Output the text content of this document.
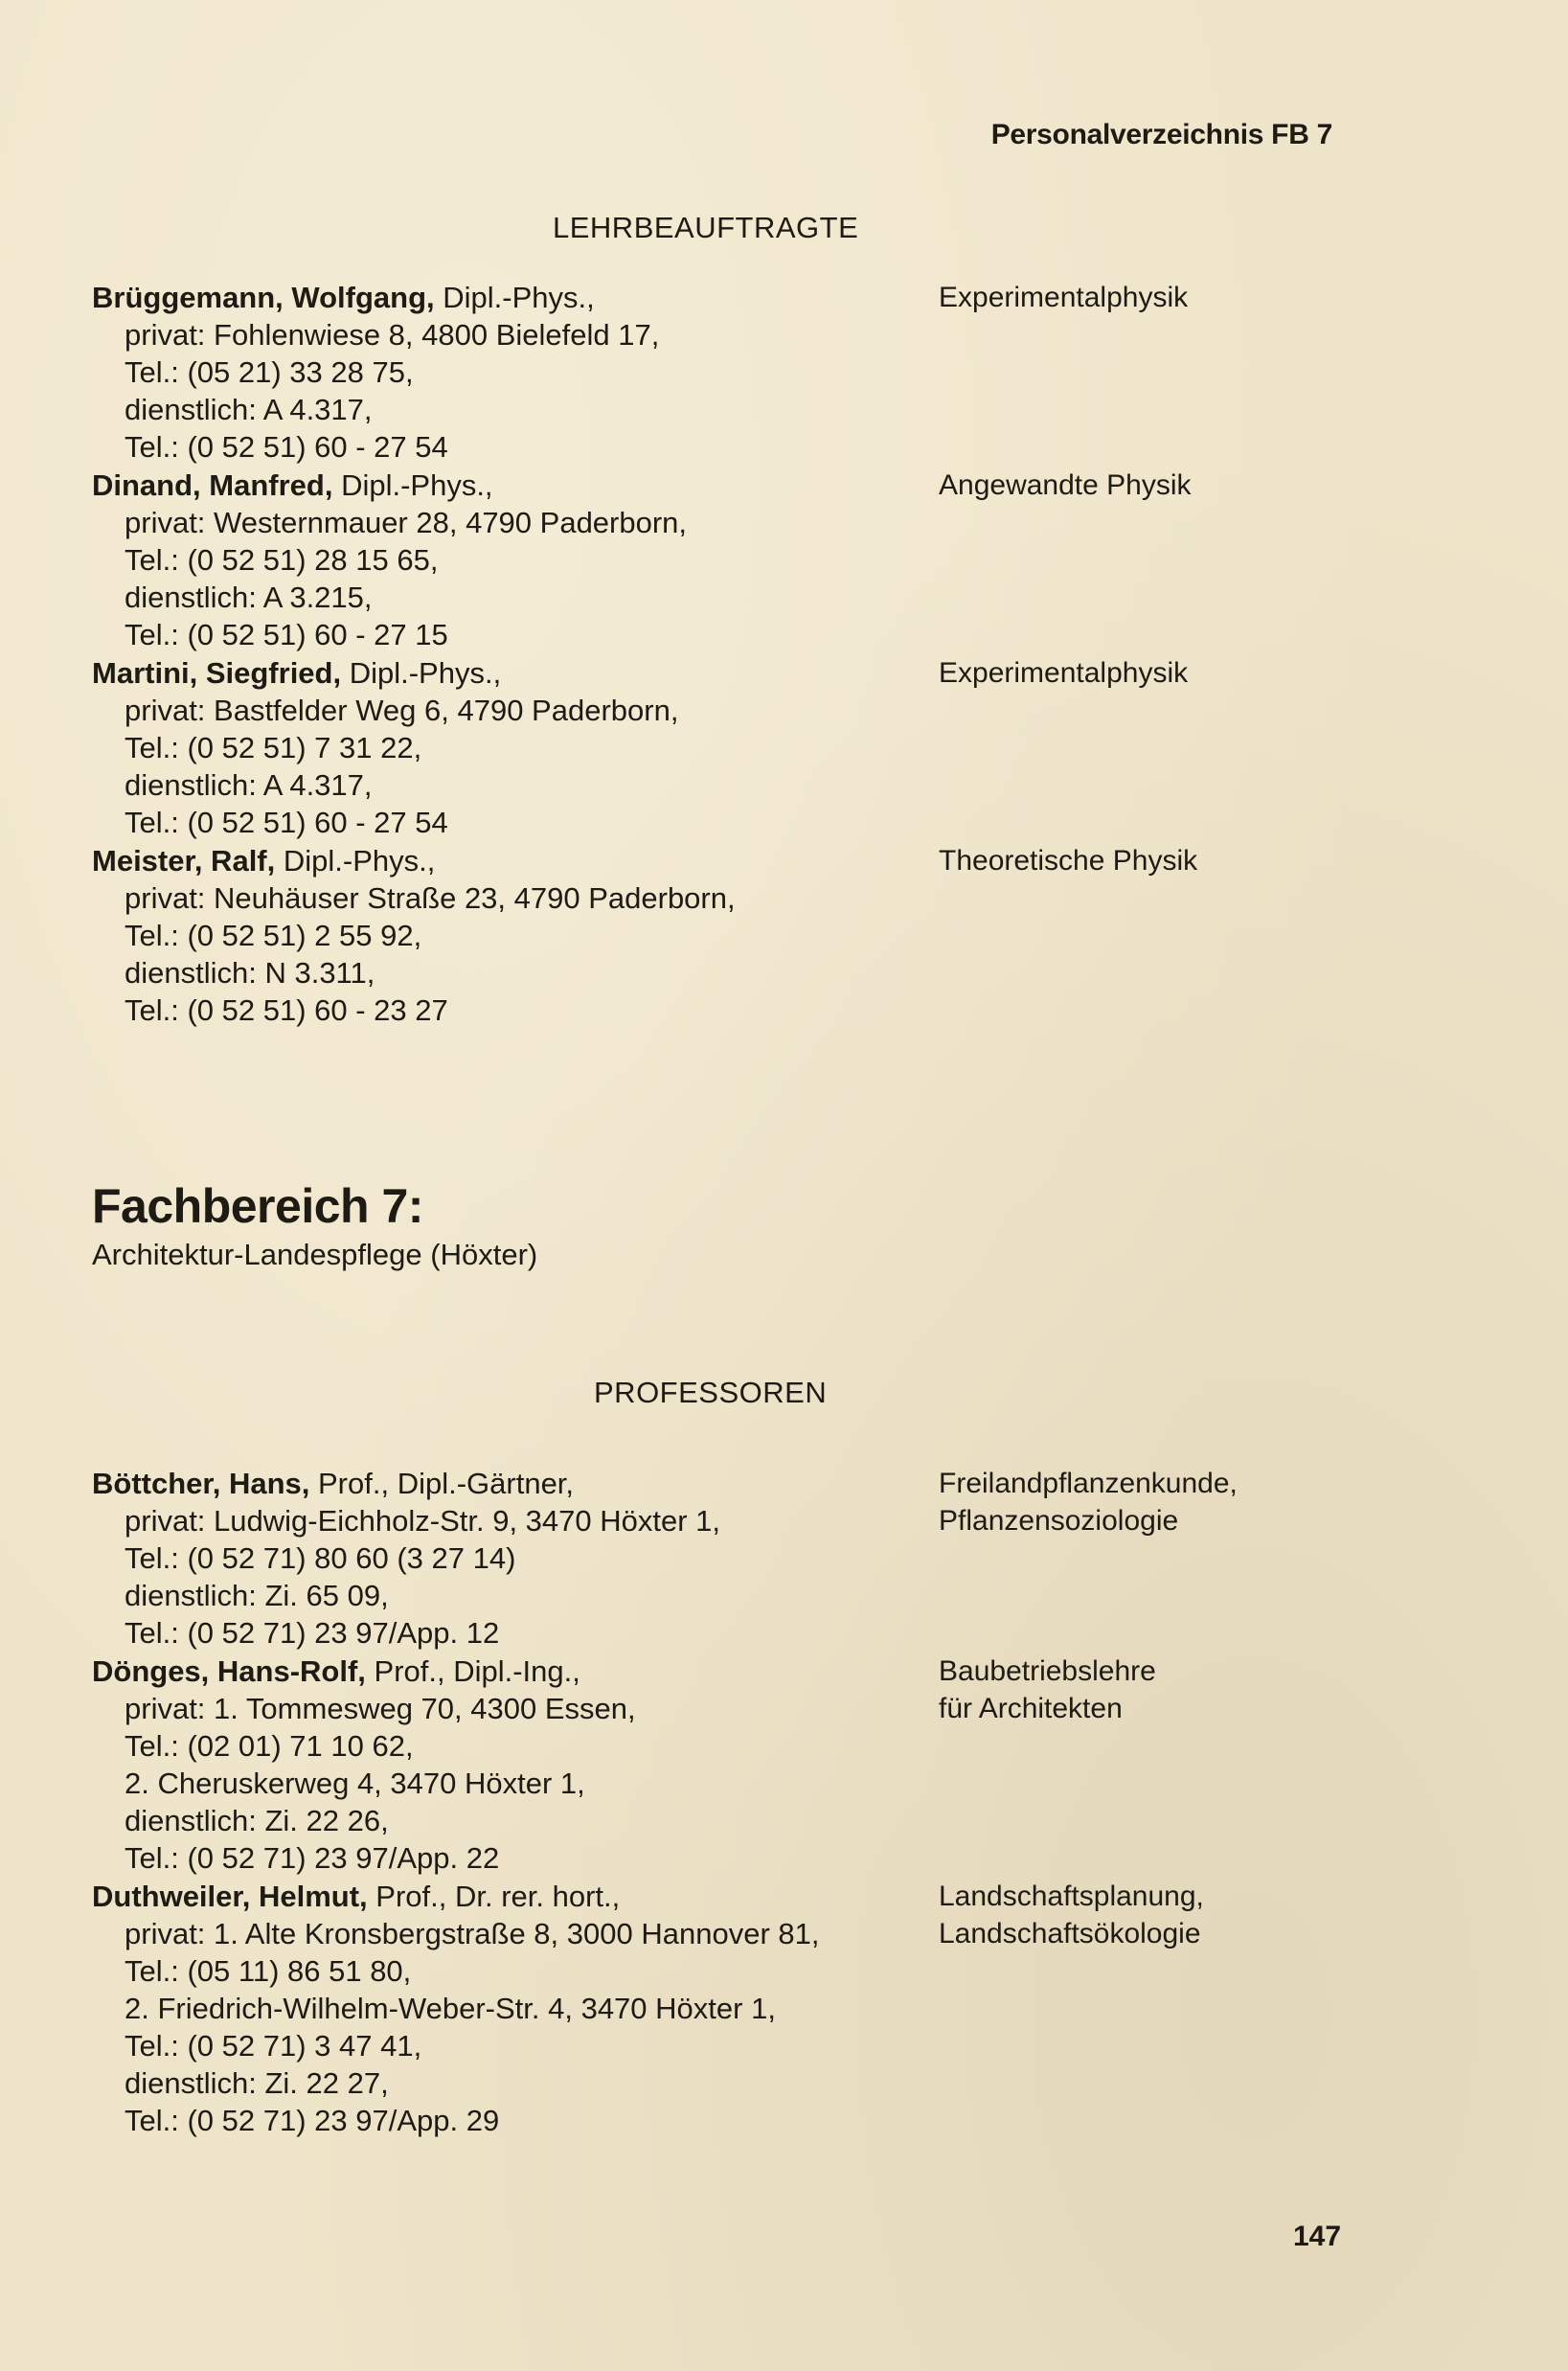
Personalverzeichnis FB 7
LEHRBEAUFTRAGTE
Brüggemann, Wolfgang, Dipl.-Phys.,
privat: Fohlenwiese 8, 4800 Bielefeld 17,
Tel.: (05 21) 33 28 75,
dienstlich: A 4.317,
Tel.: (0 52 51) 60 - 27 54
Experimentalphysik
Dinand, Manfred, Dipl.-Phys.,
privat: Westernmauer 28, 4790 Paderborn,
Tel.: (0 52 51) 28 15 65,
dienstlich: A 3.215,
Tel.: (0 52 51) 60 - 27 15
Angewandte Physik
Martini, Siegfried, Dipl.-Phys.,
privat: Bastfelder Weg 6, 4790 Paderborn,
Tel.: (0 52 51) 7 31 22,
dienstlich: A 4.317,
Tel.: (0 52 51) 60 - 27 54
Experimentalphysik
Meister, Ralf, Dipl.-Phys.,
privat: Neuhäuser Straße 23, 4790 Paderborn,
Tel.: (0 52 51) 2 55 92,
dienstlich: N 3.311,
Tel.: (0 52 51) 60 - 23 27
Theoretische Physik
Fachbereich 7:
Architektur-Landespflege (Höxter)
PROFESSOREN
Böttcher, Hans, Prof., Dipl.-Gärtner,
privat: Ludwig-Eichholz-Str. 9, 3470 Höxter 1,
Tel.: (0 52 71) 80 60 (3 27 14)
dienstlich: Zi. 65 09,
Tel.: (0 52 71) 23 97/App. 12
Freilandpflanzenkunde,
Pflanzensoziologie
Dönges, Hans-Rolf, Prof., Dipl.-Ing.,
privat: 1. Tommesweg 70, 4300 Essen,
Tel.: (02 01) 71 10 62,
2. Cheruskerweg 4, 3470 Höxter 1,
dienstlich: Zi. 22 26,
Tel.: (0 52 71) 23 97/App. 22
Baubetriebslehre
für Architekten
Duthweiler, Helmut, Prof., Dr. rer. hort.,
privat: 1. Alte Kronsbergstraße 8, 3000 Hannover 81,
Tel.: (05 11) 86 51 80,
2. Friedrich-Wilhelm-Weber-Str. 4, 3470 Höxter 1,
Tel.: (0 52 71) 3 47 41,
dienstlich: Zi. 22 27,
Tel.: (0 52 71) 23 97/App. 29
Landschaftsplanung,
Landschaftsökologie
147
